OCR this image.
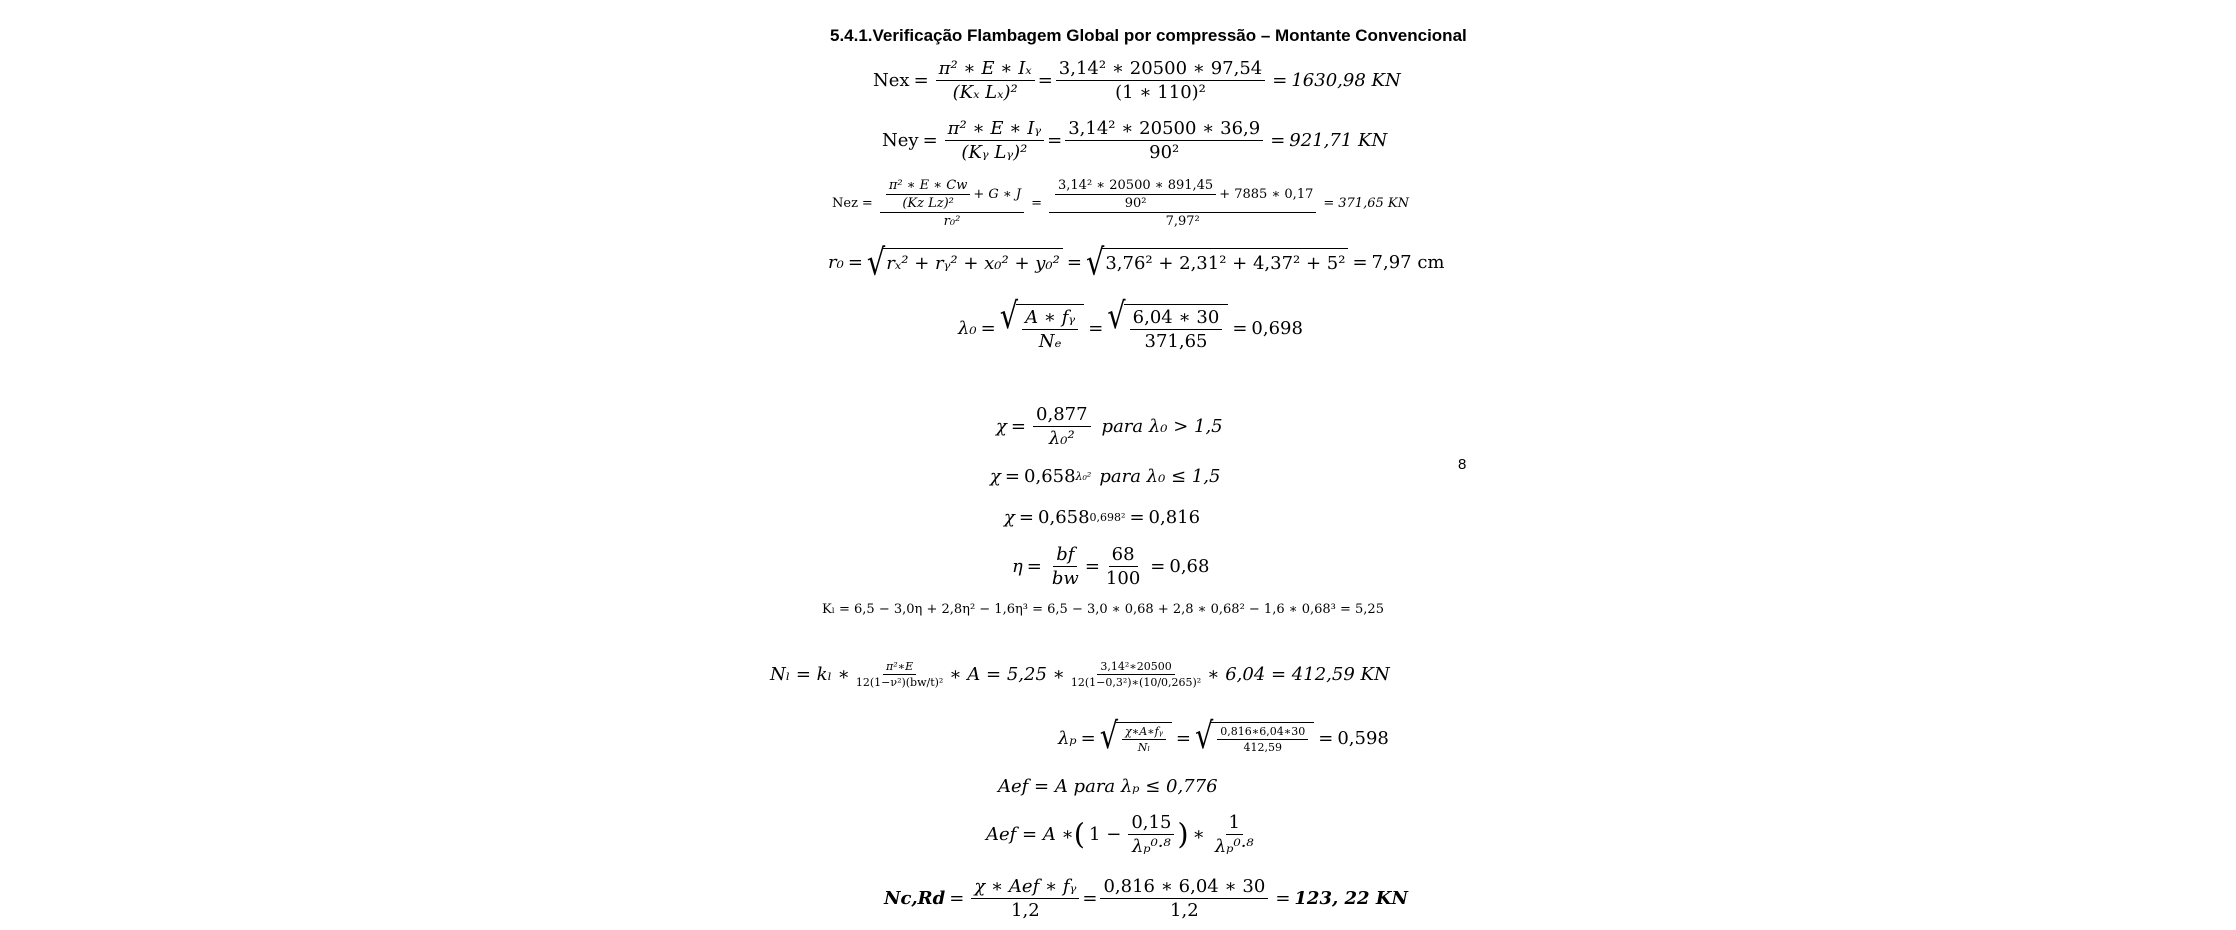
5.4.1.Verificação Flambagem Global por compressão – Montante Convencional
8
Nex = $\frac{\text{π² ∗ E ∗ Iₓ}}{\text{(Kₓ Lₓ)²}} = \frac{\text{3,14² ∗ 20500 ∗ 97,54}}{\text{(1 ∗ 110)²}} = 1630,98$ KN
Ney = $\frac{\text{π² ∗ E ∗ Iᵧ}}{\text{(Kᵧ Lᵧ)²}} = \frac{\text{3,14² ∗ 20500 ∗ 36,9}}{\text{90²}} = 921,71$ KN
Nez = $\frac{\frac{\text{π² ∗ E ∗ Cw}}{\text{(Kz Lz)²}} + G ∗ J}{\text{r₀²}} = \frac{\frac{\text{3,14² ∗ 20500 ∗ 891,45}}{\text{90²}} + 7885 ∗ 0,17}{\text{7,97²}} = 371,65$ KN
r₀ = √ rₓ² + rᵧ² + x₀² + y₀² = √ 3,76² + 2,31² + 4,37² + 5² = 7,97 cm
λ₀ = √ $\frac{\text{A ∗ fᵧ}}{\text{Nₑ}}$ = √ $\frac{6,04 ∗ 30}{371,65} = 0,698$
$\chi = \frac{0,877}{\text{λ₀²}}$ para λ₀ > 1,5
χ = 0,658 λ₀² para λ₀ ≤ 1,5
χ = 0,658 0,698² = 0,816
$\eta = \frac{bf}{bw} = \frac{68}{100} = 0,68$
Kₗ = 6,5 − 3,0η + 2,8η² − 1,6η³ = 6,5 − 3,0 ∗ 0,68 + 2,8 ∗ 0,68² − 1,6 ∗ 0,68³ = 5,25
Nₗ = kₗ ∗ $\frac{\text{π²∗E}}{\text{12(1−ν²)(bw/t)²}}$ ∗ A = 5,25 ∗ $\frac{\text{3,14²∗20500}}{\text{12(1−0,3²)∗(10/0,265)²}}$ ∗ 6,04 = 412,59 KN
λₚ = √ $\frac{\text{χ∗A∗fᵧ}}{\text{Nₗ}}$ = √ $\frac{0,816∗6,04∗30}{412,59} = 0,598$
Aef = A para λₚ ≤ 0,776
Aef = A ∗ ( $1 - \frac{0,15}{\text{λₚ⁰·⁸}}$ ) ∗ $\frac{1}{\text{λₚ⁰·⁸}}$
$Nc,Rd = \frac{\text{χ ∗ Aef ∗ fᵧ}}{1,2} = \frac{0,816 ∗ 6,04 ∗ 30}{1,2} = 123$, 22 KN
